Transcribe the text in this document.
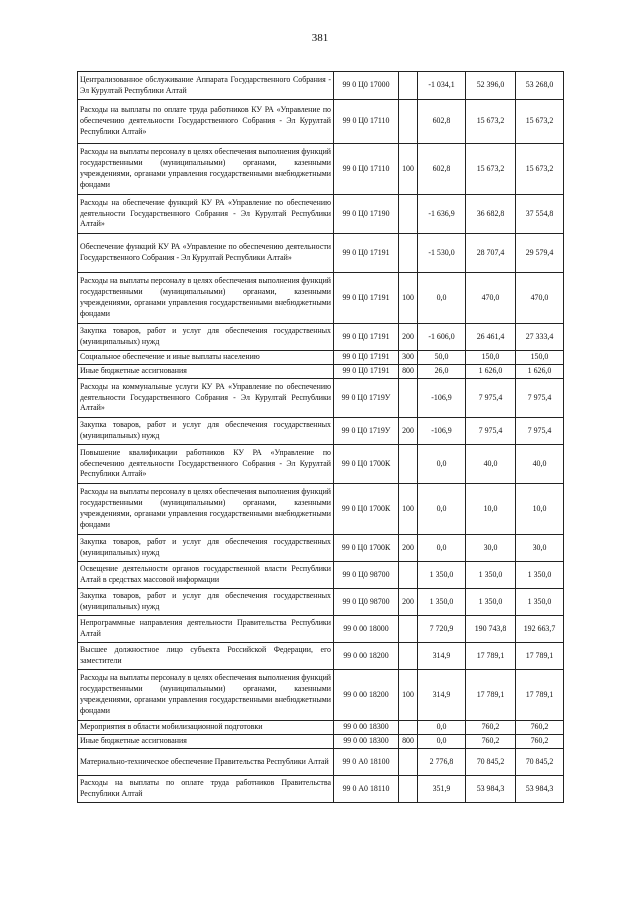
381
Централизованное обслуживание Аппарата Государственного Собрания - Эл Курултай Республики Алтай	99 0 Ц0 17000		-1 034,1	52 396,0	53 268,0
Расходы на выплаты по оплате труда работников КУ РА «Управление по обеспечению деятельности Государственного Собрания - Эл Курултай Республики Алтай»	99 0 Ц0 17110		602,8	15 673,2	15 673,2
Расходы на выплаты персоналу в целях обеспечения выполнения функций государственными (муниципальными) органами, казенными учреждениями, органами управления государственными внебюджетными фондами	99 0 Ц0 17110	100	602,8	15 673,2	15 673,2
Расходы на обеспечение функций КУ РА «Управление по обеспечению деятельности Государственного Собрания - Эл Курултай Республики Алтай»	99 0 Ц0 17190		-1 636,9	36 682,8	37 554,8
Обеспечение функций КУ РА «Управление по обеспечению деятельности Государственного Собрания - Эл Курултай Республики Алтай»	99 0 Ц0 17191		-1 530,0	28 707,4	29 579,4
Расходы на выплаты персоналу в целях обеспечения выполнения функций государственными (муниципальными) органами, казенными учреждениями, органами управления государственными внебюджетными фондами	99 0 Ц0 17191	100	0,0	470,0	470,0
Закупка товаров, работ и услуг для обеспечения государственных (муниципальных) нужд	99 0 Ц0 17191	200	-1 606,0	26 461,4	27 333,4
Социальное обеспечение и иные выплаты населению	99 0 Ц0 17191	300	50,0	150,0	150,0
Иные бюджетные ассигнования	99 0 Ц0 17191	800	26,0	1 626,0	1 626,0
Расходы на коммунальные услуги КУ РА «Управление по обеспечению деятельности Государственного Собрания - Эл Курултай Республики Алтай»	99 0 Ц0 1719У		-106,9	7 975,4	7 975,4
Закупка товаров, работ и услуг для обеспечения государственных (муниципальных) нужд	99 0 Ц0 1719У	200	-106,9	7 975,4	7 975,4
Повышение квалификации работников КУ РА «Управление по обеспечению деятельности Государственного Собрания - Эл Курултай Республики Алтай»	99 0 Ц0 1700К		0,0	40,0	40,0
Расходы на выплаты персоналу в целях обеспечения выполнения функций государственными (муниципальными) органами, казенными учреждениями, органами управления государственными внебюджетными фондами	99 0 Ц0 1700К	100	0,0	10,0	10,0
Закупка товаров, работ и услуг для обеспечения государственных (муниципальных) нужд	99 0 Ц0 1700К	200	0,0	30,0	30,0
Освещение деятельности органов государственной власти Республики Алтай в средствах массовой информации	99 0 Ц0 98700		1 350,0	1 350,0	1 350,0
Закупка товаров, работ и услуг для обеспечения государственных (муниципальных) нужд	99 0 Ц0 98700	200	1 350,0	1 350,0	1 350,0
Непрограммные направления деятельности Правительства Республики Алтай	99 0 00 18000		7 720,9	190 743,8	192 663,7
Высшее должностное лицо субъекта Российской Федерации, его заместители	99 0 00 18200		314,9	17 789,1	17 789,1
Расходы на выплаты персоналу в целях обеспечения выполнения функций государственными (муниципальными) органами, казенными учреждениями, органами управления государственными внебюджетными фондами	99 0 00 18200	100	314,9	17 789,1	17 789,1
Мероприятия в области мобилизационной подготовки	99 0 00 18300		0,0	760,2	760,2
Иные бюджетные ассигнования	99 0 00 18300	800	0,0	760,2	760,2
Материально-техническое обеспечение Правительства Республики Алтай	99 0 А0 18100		2 776,8	70 845,2	70 845,2
Расходы на выплаты по оплате труда работников Правительства Республики Алтай	99 0 А0 18110		351,9	53 984,3	53 984,3
